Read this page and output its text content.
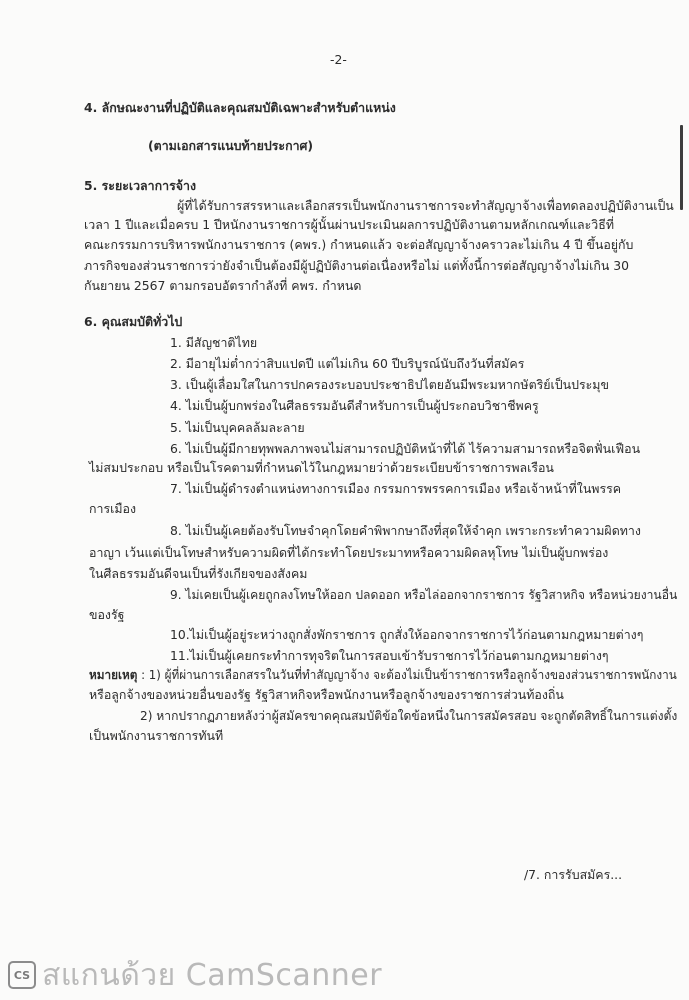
-2-
4. ลักษณะงานที่ปฏิบัติและคุณสมบัติเฉพาะสำหรับตำแหน่ง
(ตามเอกสารแนบท้ายประกาศ)
5. ระยะเวลาการจ้าง
ผู้ที่ได้รับการสรรหาและเลือกสรรเป็นพนักงานราชการจะทำสัญญาจ้างเพื่อทดลองปฏิบัติงานเป็น
เวลา 1 ปีและเมื่อครบ 1 ปีหนักงานราชการผู้นั้นผ่านประเมินผลการปฏิบัติงานตามหลักเกณฑ์และวิธีที่
คณะกรรมการบริหารพนักงานราชการ (คพร.) กำหนดแล้ว จะต่อสัญญาจ้างคราวละไม่เกิน 4 ปี ขึ้นอยู่กับ
ภารกิจของส่วนราชการว่ายังจำเป็นต้องมีผู้ปฏิบัติงานต่อเนื่องหรือไม่ แต่ทั้งนี้การต่อสัญญาจ้างไม่เกิน 30
กันยายน 2567 ตามกรอบอัตรากำลังที่ คพร. กำหนด
6. คุณสมบัติทั่วไป
1. มีสัญชาติไทย
2. มีอายุไม่ต่ำกว่าสิบแปดปี แต่ไม่เกิน 60 ปีบริบูรณ์นับถึงวันที่สมัคร
3. เป็นผู้เลื่อมใสในการปกครองระบอบประชาธิปไตยอันมีพระมหากษัตริย์เป็นประมุข
4. ไม่เป็นผู้บกพร่องในศีลธรรมอันดีสำหรับการเป็นผู้ประกอบวิชาชีพครู
5. ไม่เป็นบุคคลล้มละลาย
6. ไม่เป็นผู้มีกายทุพพลภาพจนไม่สามารถปฏิบัติหน้าที่ได้ ไร้ความสามารถหรือจิตฟั่นเฟือน
ไม่สมประกอบ หรือเป็นโรคตามที่กำหนดไว้ในกฎหมายว่าด้วยระเบียบข้าราชการพลเรือน
7. ไม่เป็นผู้ดำรงตำแหน่งทางการเมือง กรรมการพรรคการเมือง หรือเจ้าหน้าที่ในพรรค
การเมือง
8. ไม่เป็นผู้เคยต้องรับโทษจำคุกโดยคำพิพากษาถึงที่สุดให้จำคุก เพราะกระทำความผิดทาง
อาญา เว้นแต่เป็นโทษสำหรับความผิดที่ได้กระทำโดยประมาทหรือความผิดลหุโทษ ไม่เป็นผู้บกพร่อง
ในศีลธรรมอันดีจนเป็นที่รังเกียจของสังคม
9. ไม่เคยเป็นผู้เคยถูกลงโทษให้ออก ปลดออก หรือไล่ออกจากราชการ รัฐวิสาหกิจ หรือหน่วยงานอื่น
ของรัฐ
10.ไม่เป็นผู้อยู่ระหว่างถูกสั่งพักราชการ ถูกสั่งให้ออกจากราชการไว้ก่อนตามกฎหมายต่างๆ
11.ไม่เป็นผู้เคยกระทำการทุจริตในการสอบเข้ารับราชการไว้ก่อนตามกฎหมายต่างๆ
หมายเหตุ : 1) ผู้ที่ผ่านการเลือกสรรในวันที่ทำสัญญาจ้าง จะต้องไม่เป็นข้าราชการหรือลูกจ้างของส่วนราชการพนักงาน
หรือลูกจ้างของหน่วยอื่นของรัฐ รัฐวิสาหกิจหรือพนักงานหรือลูกจ้างของราชการส่วนท้องถิ่น
2) หากปรากฏภายหลังว่าผู้สมัครขาดคุณสมบัติข้อใดข้อหนึ่งในการสมัครสอบ จะถูกตัดสิทธิ์ในการแต่งตั้ง
เป็นพนักงานราชการทันที
/7. การรับสมัคร...
CS สแกนด้วย CamScanner
